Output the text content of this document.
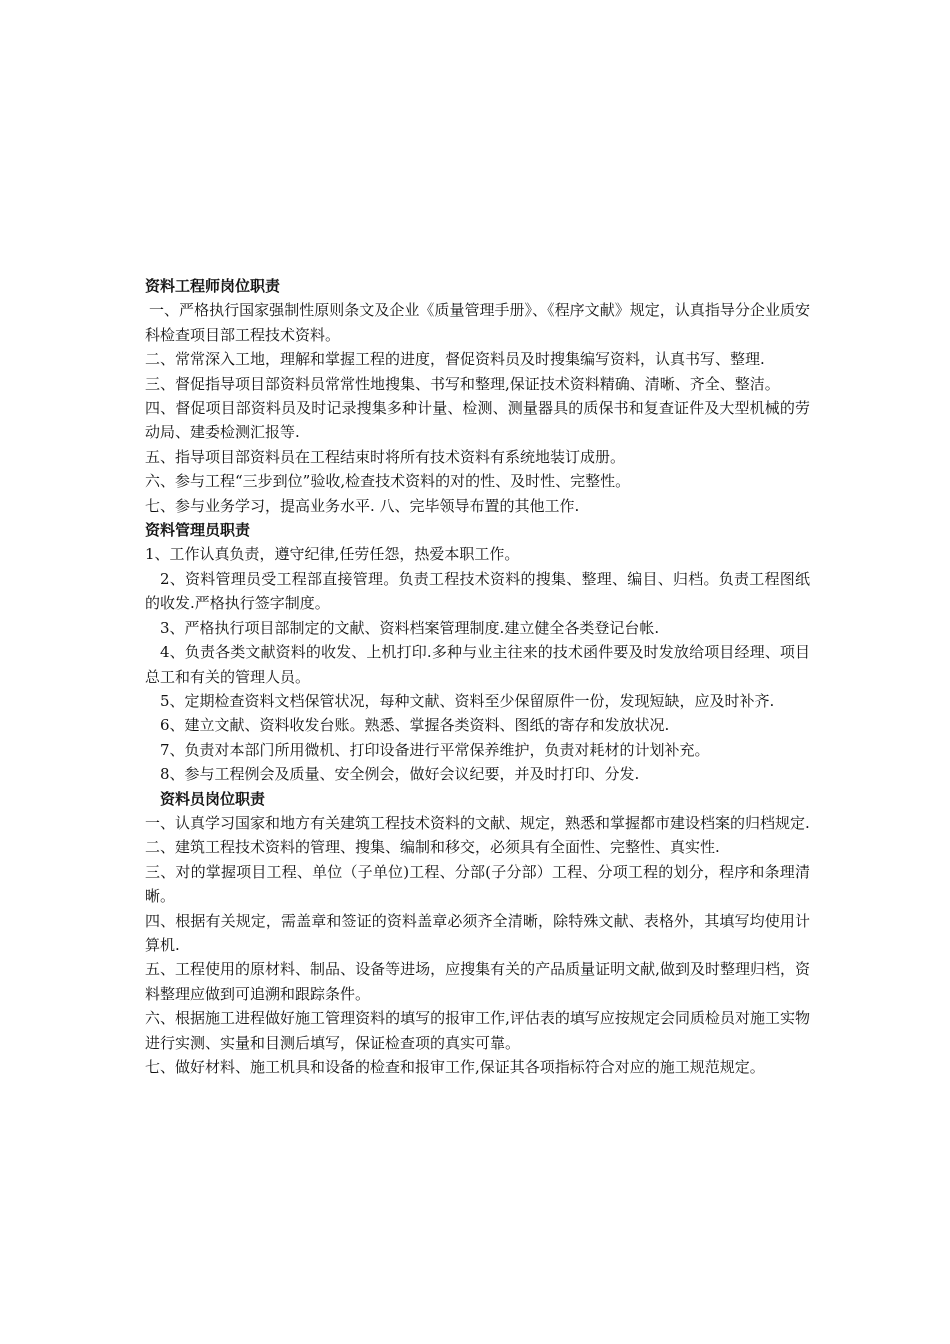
资料工程师岗位职责

一、严格执行国家强制性原则条文及企业《质量管理手册》、《程序文献》规定，认真指导分企业质安科检查项目部工程技术资料。

二、常常深入工地，理解和掌握工程的进度，督促资料员及时搜集编写资料，认真书写、整理.

三、督促指导项目部资料员常常性地搜集、书写和整理,保证技术资料精确、清晰、齐全、整洁。

四、督促项目部资料员及时记录搜集多种计量、检测、测量器具的质保书和复查证件及大型机械的劳动局、建委检测汇报等.

五、指导项目部资料员在工程结束时将所有技术资料有系统地装订成册。

六、参与工程“三步到位”验收,检查技术资料的对的性、及时性、完整性。

七、参与业务学习，提高业务水平. 八、完毕领导布置的其他工作.

资料管理员职责

1、工作认真负责，遵守纪律,任劳任怨，热爱本职工作。

2、资料管理员受工程部直接管理。负责工程技术资料的搜集、整理、编目、归档。负责工程图纸的收发.严格执行签字制度。

3、严格执行项目部制定的文献、资料档案管理制度.建立健全各类登记台帐.

4、负责各类文献资料的收发、上机打印.多种与业主往来的技术函件要及时发放给项目经理、项目总工和有关的管理人员。

5、定期检查资料文档保管状况，每种文献、资料至少保留原件一份，发现短缺，应及时补齐.

6、建立文献、资料收发台账。熟悉、掌握各类资料、图纸的寄存和发放状况.

7、负责对本部门所用微机、打印设备进行平常保养维护，负责对耗材的计划补充。

8、参与工程例会及质量、安全例会，做好会议纪要，并及时打印、分发.

资料员岗位职责

一、认真学习国家和地方有关建筑工程技术资料的文献、规定，熟悉和掌握都市建设档案的归档规定.

二、建筑工程技术资料的管理、搜集、编制和移交，必须具有全面性、完整性、真实性.

三、对的掌握项目工程、单位（子单位)工程、分部(子分部）工程、分项工程的划分，程序和条理清晰。

四、根据有关规定，需盖章和签证的资料盖章必须齐全清晰，除特殊文献、表格外，其填写均使用计算机.

五、工程使用的原材料、制品、设备等进场，应搜集有关的产品质量证明文献,做到及时整理归档，资料整理应做到可追溯和跟踪条件。

六、根据施工进程做好施工管理资料的填写的报审工作,评估表的填写应按规定会同质检员对施工实物进行实测、实量和目测后填写，保证检查项的真实可靠。

七、做好材料、施工机具和设备的检查和报审工作,保证其各项指标符合对应的施工规范规定。
